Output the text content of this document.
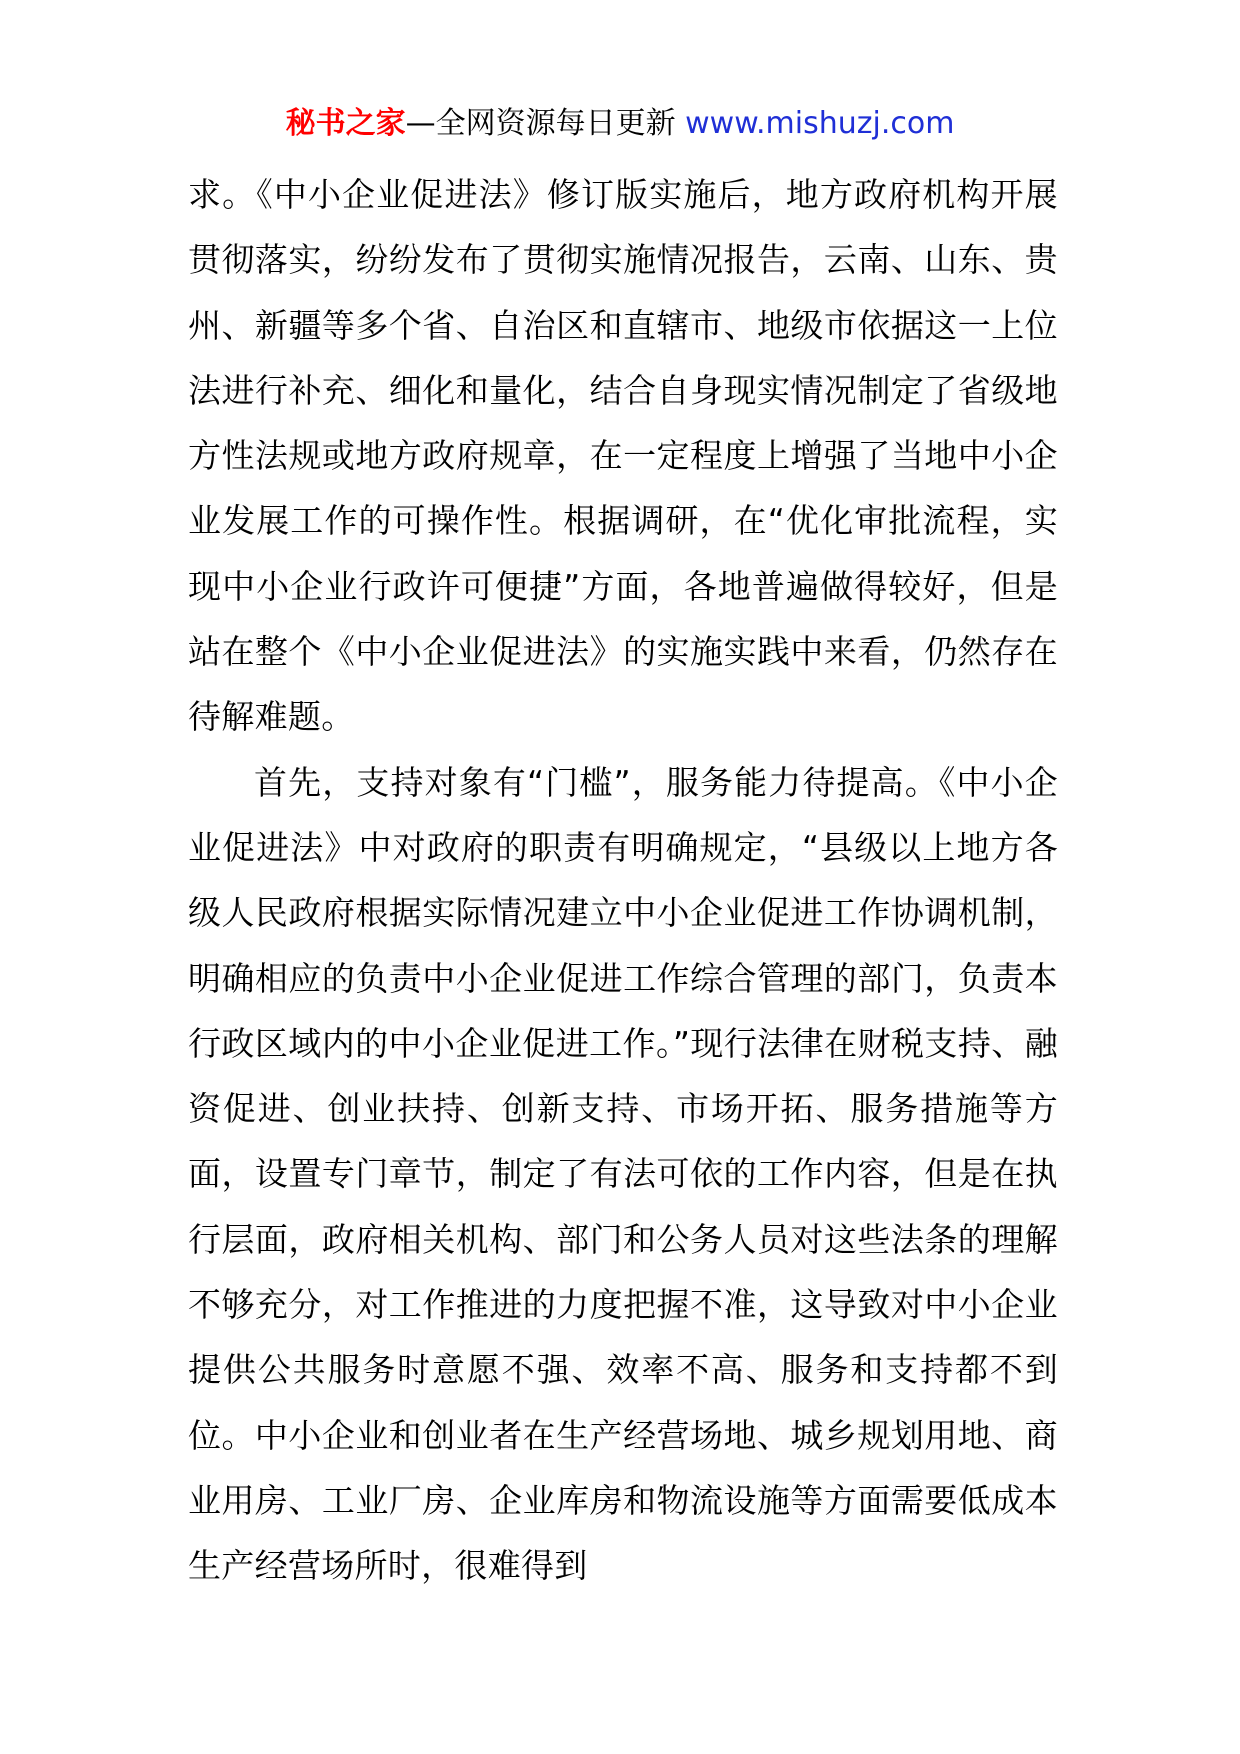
秘书之家—全网资源每日更新 www.mishuzj.com

求。《中小企业促进法》修订版实施后，地方政府机构开展贯彻落实，纷纷发布了贯彻实施情况报告，云南、山东、贵州、新疆等多个省、自治区和直辖市、地级市依据这一上位法进行补充、细化和量化，结合自身现实情况制定了省级地方性法规或地方政府规章，在一定程度上增强了当地中小企业发展工作的可操作性。根据调研，在“优化审批流程，实现中小企业行政许可便捷”方面，各地普遍做得较好，但是站在整个《中小企业促进法》的实施实践中来看，仍然存在待解难题。

首先，支持对象有“门槛”，服务能力待提高。《中小企业促进法》中对政府的职责有明确规定，“县级以上地方各级人民政府根据实际情况建立中小企业促进工作协调机制，明确相应的负责中小企业促进工作综合管理的部门，负责本行政区域内的中小企业促进工作。”现行法律在财税支持、融资促进、创业扶持、创新支持、市场开拓、服务措施等方面，设置专门章节，制定了有法可依的工作内容，但是在执行层面，政府相关机构、部门和公务人员对这些法条的理解不够充分，对工作推进的力度把握不准，这导致对中小企业提供公共服务时意愿不强、效率不高、服务和支持都不到位。中小企业和创业者在生产经营场地、城乡规划用地、商业用房、工业厂房、企业库房和物流设施等方面需要低成本生产经营场所时，很难得到
